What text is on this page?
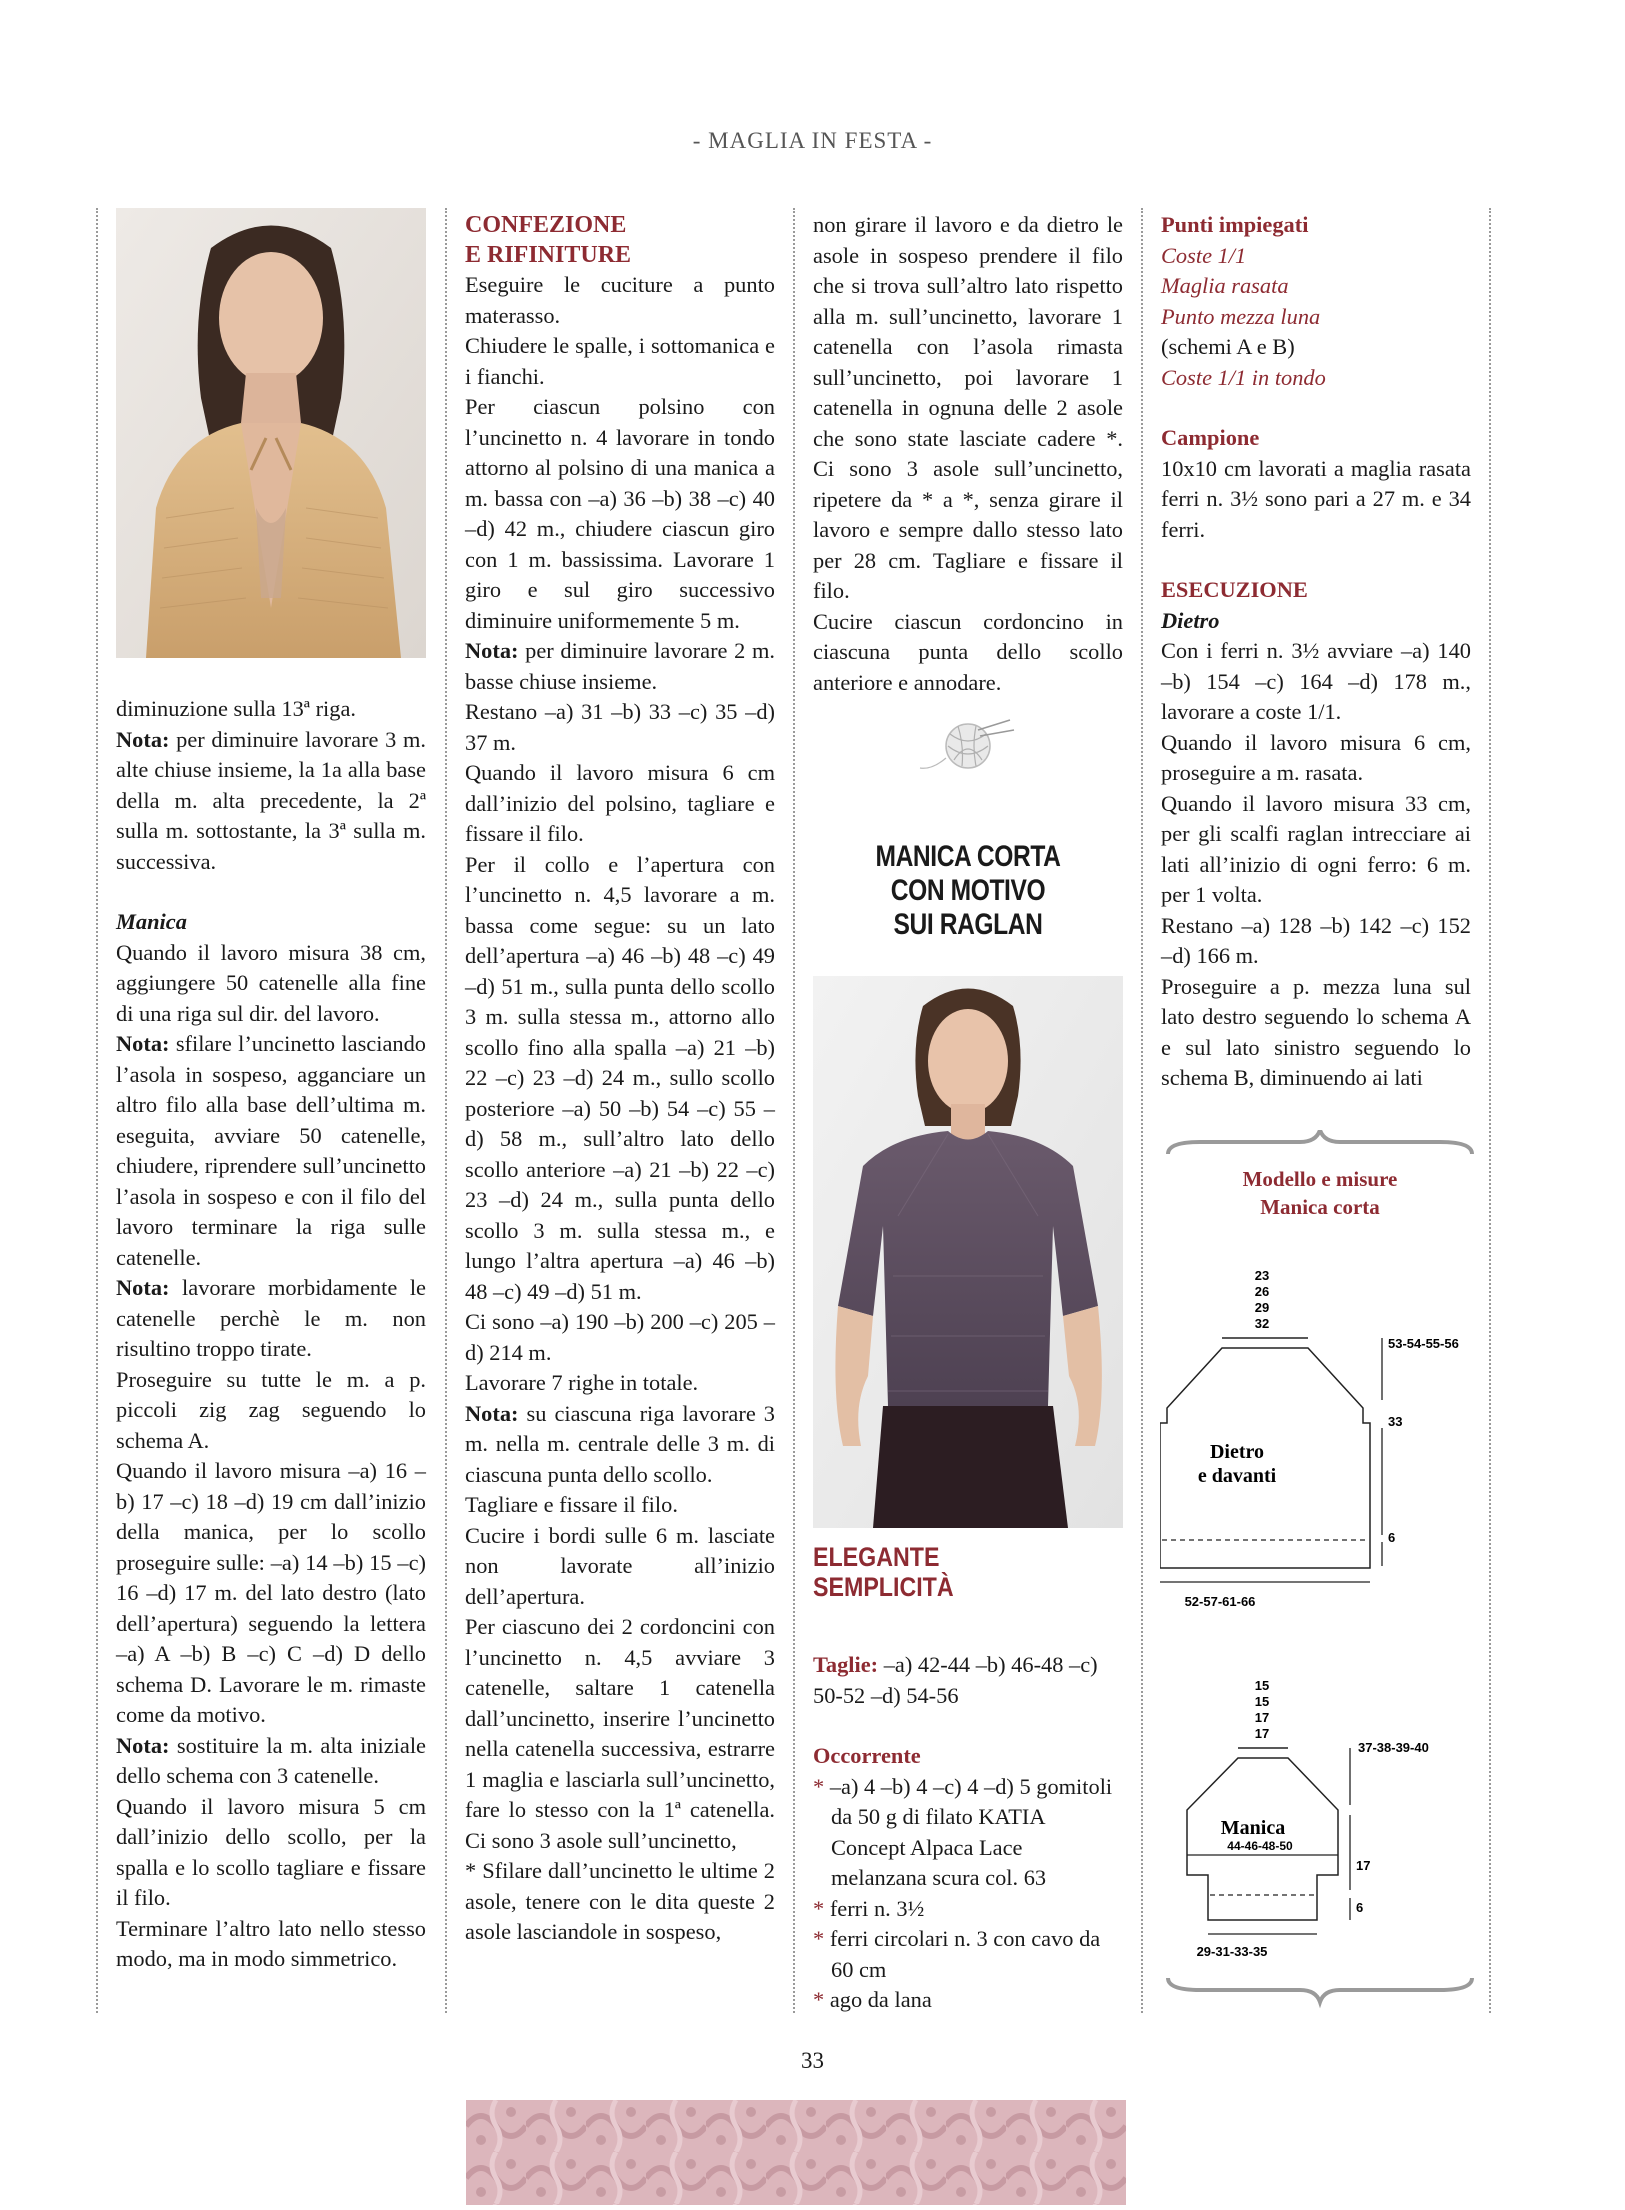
- MAGLIA IN FESTA -

diminuzione sulla 13ª riga.

Nota: per diminuire lavorare 3 m. alte chiuse insieme, la 1a alla base della m. alta precedente, la 2ª sulla m. sottostante, la 3ª sulla m. successiva.

Manica

Quando il lavoro misura 38 cm, aggiungere 50 catenelle alla fine di una riga sul dir. del lavoro.

Nota: sfilare l’uncinetto lasciando l’asola in sospeso, agganciare un altro filo alla base dell’ultima m. eseguita, avviare 50 catenelle, chiudere, riprendere sull’uncinetto l’asola in sospeso e con il filo del lavoro terminare la riga sulle catenelle.

Nota: lavorare morbidamente le catenelle perchè le m. non risultino troppo tirate.

Proseguire su tutte le m. a p. piccoli zig zag seguendo lo schema A.

Quando il lavoro misura –a) 16 –b) 17 –c) 18 –d) 19 cm dall’inizio della manica, per lo scollo proseguire sulle: –a) 14 –b) 15 –c) 16 –d) 17 m. del lato destro (lato dell’apertura) seguendo la lettera –a) A –b) B –c) C –d) D dello schema D. Lavorare le m. rimaste come da motivo.

Nota: sostituire la m. alta iniziale dello schema con 3 catenelle.

Quando il lavoro misura 5 cm dall’inizio dello scollo, per la spalla e lo scollo tagliare e fissare il filo.

Terminare l’altro lato nello stesso modo, ma in modo simmetrico.

CONFEZIONE

E RIFINITURE

Eseguire le cuciture a punto materasso.

Chiudere le spalle, i sottomanica e i fianchi.

Per ciascun polsino con l’uncinetto n. 4 lavorare in tondo attorno al polsino di una manica a m. bassa con –a) 36 –b) 38 –c) 40 –d) 42 m., chiudere ciascun giro con 1 m. bassissima. Lavorare 1 giro e sul giro successivo diminuire uniformemente 5 m.

Nota: per diminuire lavorare 2 m. basse chiuse insieme.

Restano –a) 31 –b) 33 –c) 35 –d) 37 m.

Quando il lavoro misura 6 cm dall’inizio del polsino, tagliare e fissare il filo.

Per il collo e l’apertura con l’uncinetto n. 4,5 lavorare a m. bassa come segue: su un lato dell’apertura –a) 46 –b) 48 –c) 49 –d) 51 m., sulla punta dello scollo 3 m. sulla stessa m., attorno allo scollo fino alla spalla –a) 21 –b) 22 –c) 23 –d) 24 m., sullo scollo posteriore –a) 50 –b) 54 –c) 55 –d) 58 m., sull’altro lato dello scollo anteriore –a) 21 –b) 22 –c) 23 –d) 24 m., sulla punta dello scollo 3 m. sulla stessa m., e lungo l’altra apertura –a) 46 –b) 48 –c) 49 –d) 51 m.

Ci sono –a) 190 –b) 200 –c) 205 –d) 214 m.

Lavorare 7 righe in totale.

Nota: su ciascuna riga lavorare 3 m. nella m. centrale delle 3 m. di ciascuna punta dello scollo.

Tagliare e fissare il filo.

Cucire i bordi sulle 6 m. lasciate non lavorate all’inizio dell’apertura.

Per ciascuno dei 2 cordoncini con l’uncinetto n. 4,5 avviare 3 catenelle, saltare 1 catenella dall’uncinetto, inserire l’uncinetto nella catenella successiva, estrarre 1 maglia e lasciarla sull’uncinetto, fare lo stesso con la 1ª catenella. Ci sono 3 asole sull’uncinetto,

* Sfilare dall’uncinetto le ultime 2 asole, tenere con le dita queste 2 asole lasciandole in sospeso,

non girare il lavoro e da dietro le asole in sospeso prendere il filo che si trova sull’altro lato rispetto alla m. sull’uncinetto, lavorare 1 catenella con l’asola rimasta sull’uncinetto, poi lavorare 1 catenella in ognuna delle 2 asole che sono state lasciate cadere *. Ci sono 3 asole sull’uncinetto, ripetere da * a *, senza girare il lavoro e sempre dallo stesso lato per 28 cm. Tagliare e fissare il filo.

Cucire ciascun cordoncino in ciascuna punta dello scollo anteriore e annodare.

MANICA CORTA
CON MOTIVO
SUI RAGLAN
ELEGANTE
SEMPLICITÀ

Taglie: –a) 42-44 –b) 46-48 –c) 50-52 –d) 54-56

Occorrente

* –a) 4 –b) 4 –c) 4 –d) 5 gomitoli da 50 g di filato KATIA Concept Alpaca Lace melanzana scura col. 63
* ferri n. 3½
* ferri circolari n. 3 con cavo da 60 cm
* ago da lana

Punti impiegati

Coste 1/1

Maglia rasata

Punto mezza luna

(schemi A e B)

Coste 1/1 in tondo

Campione

10x10 cm lavorati a maglia rasata ferri n. 3½ sono pari a 27 m. e 34 ferri.

ESECUZIONE

Dietro

Con i ferri n. 3½ avviare –a) 140 –b) 154 –c) 164 –d) 178 m., lavorare a coste 1/1.

Quando il lavoro misura 6 cm, proseguire a m. rasata.

Quando il lavoro misura 33 cm, per gli scalfi raglan intrecciare ai lati all’inizio di ogni ferro: 6 m. per 1 volta.

Restano –a) 128 –b) 142 –c) 152 –d) 166 m.

Proseguire a p. mezza luna sul lato destro seguendo lo schema A e sul lato sinistro seguendo lo schema B, diminuendo ai lati

Modello e misure
Manica corta
23
26
29
32
53-54-55-56
33
6
Dietro
e davanti
52-57-61-66
15
15
17
17
Manica
44-46-48-50
37-38-39-40
17
6
29-31-33-35
33
